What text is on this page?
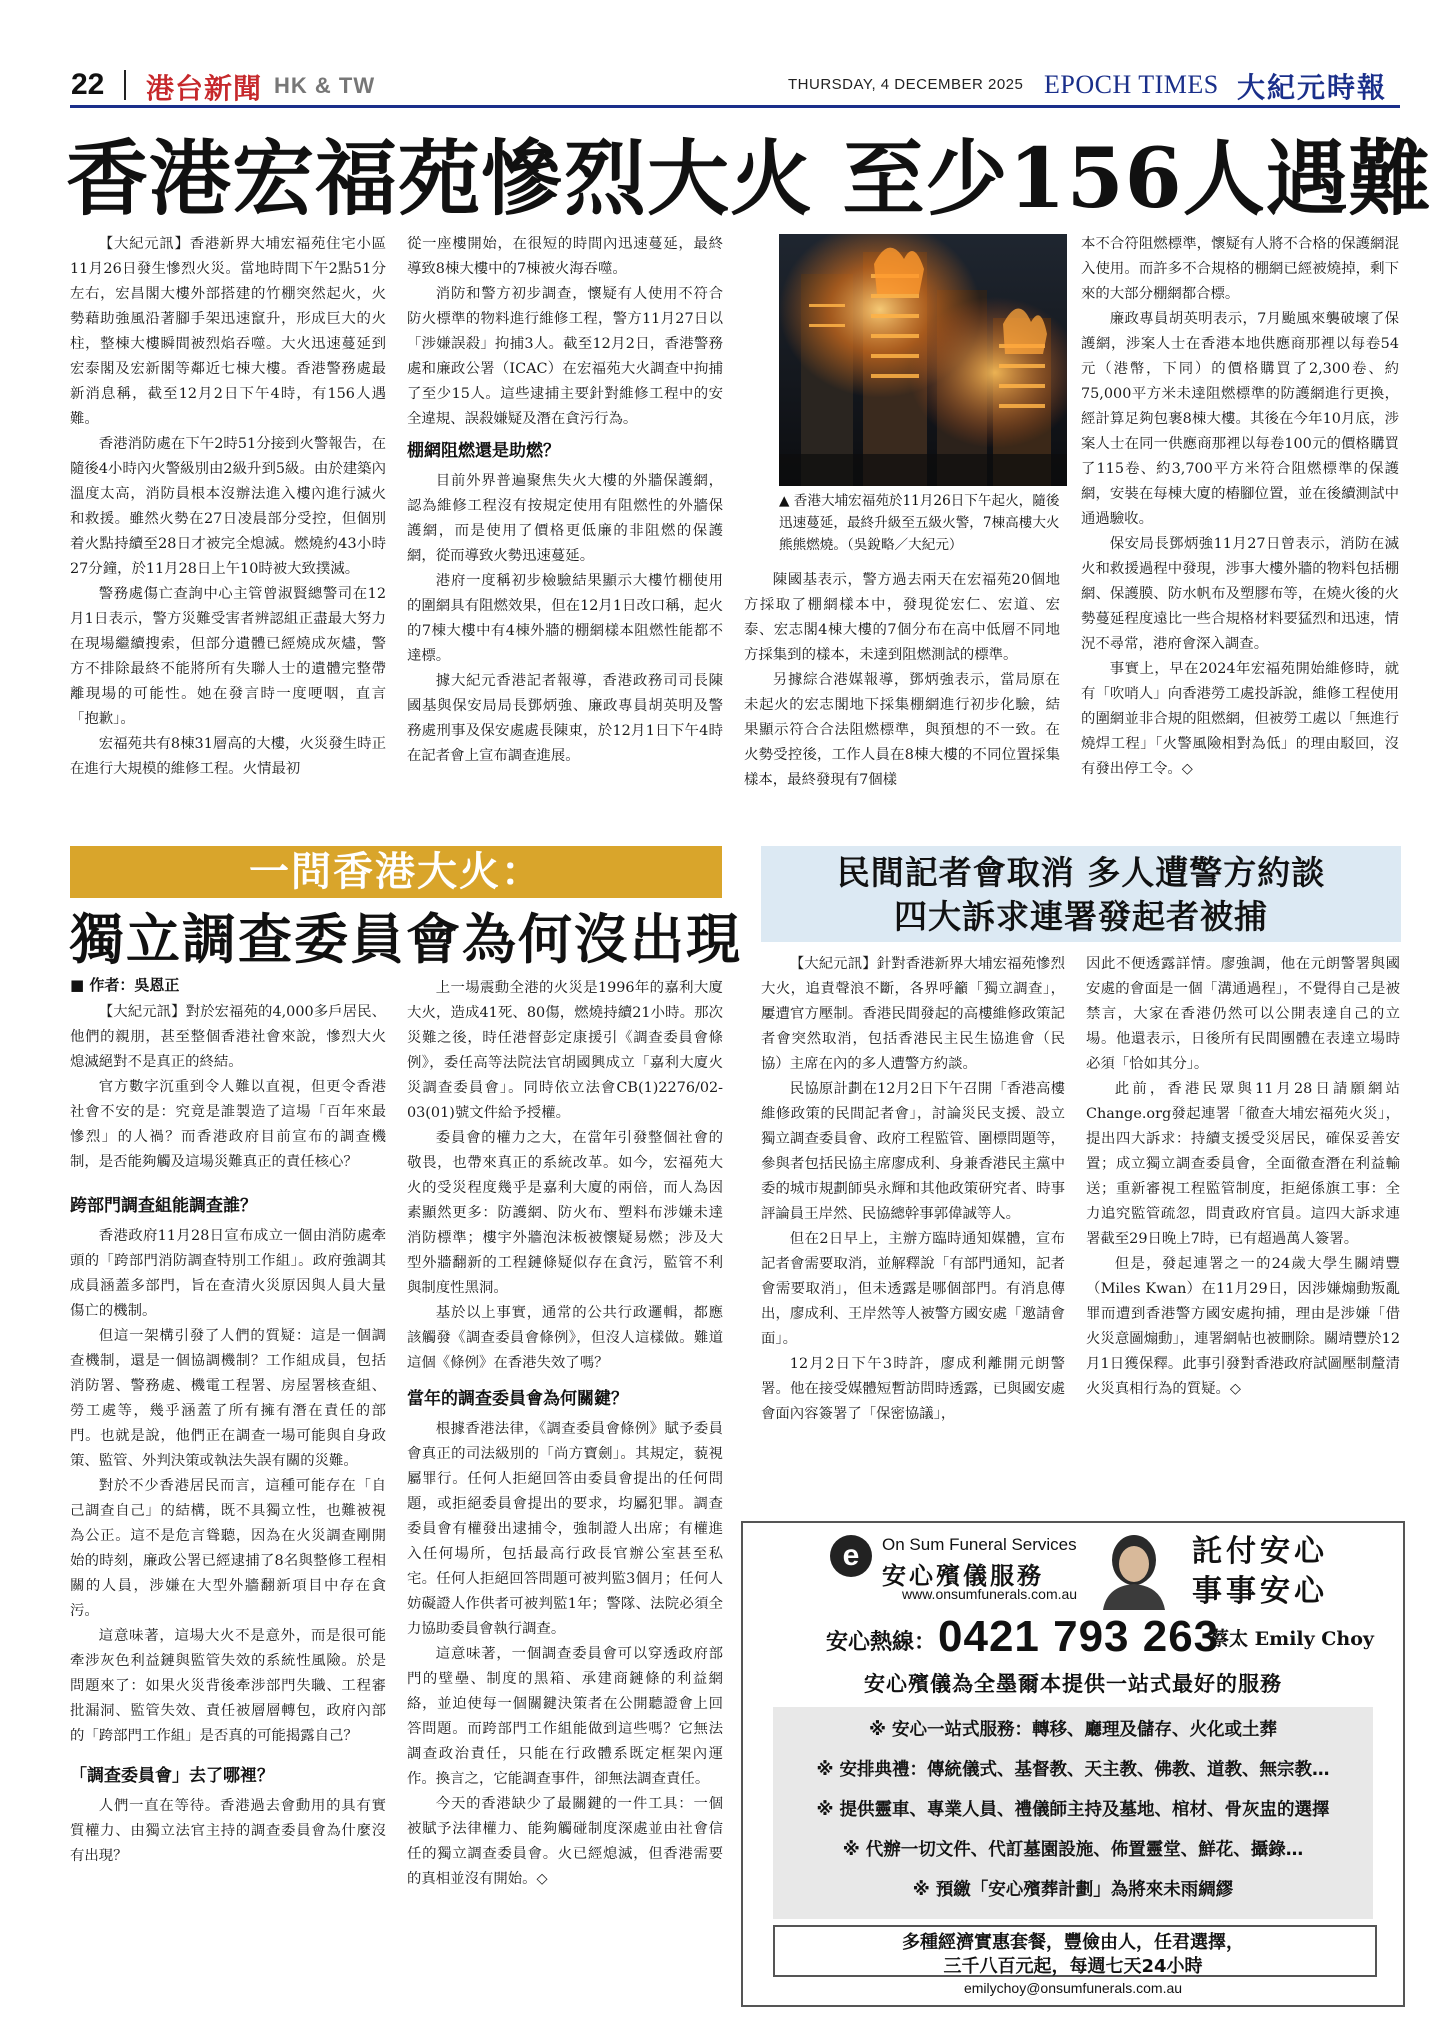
22 港台新聞 HK & TW	THURSDAY, 4 DECEMBER 2025 EPOCH TIMES 大紀元時報
香港宏福苑慘烈大火 至少156人遇難

【大紀元訊】香港新界大埔宏福苑住宅小區11月26日發生慘烈火災。當地時間下午2點51分左右，宏昌閣大樓外部搭建的竹棚突然起火，火勢藉助強風沿著腳手架迅速竄升，形成巨大的火柱，整棟大樓瞬間被烈焰吞噬。大火迅速蔓延到宏泰閣及宏新閣等鄰近七棟大樓。香港警務處最新消息稱，截至12月2日下午4時，有156人遇難。

香港消防處在下午2時51分接到火警報告，在隨後4小時內火警級別由2級升到5級。由於建築內溫度太高，消防員根本沒辦法進入樓內進行滅火和救援。雖然火勢在27日凌晨部分受控，但個別着火點持續至28日才被完全熄滅。燃燒約43小時27分鐘，於11月28日上午10時被大致撲滅。

警務處傷亡查詢中心主管曾淑賢總警司在12月1日表示，警方災難受害者辨認組正盡最大努力在現場繼續搜索，但部分遺體已經燒成灰燼，警方不排除最終不能將所有失聯人士的遺體完整帶離現場的可能性。她在發言時一度哽咽，直言「抱歉」。

宏福苑共有8棟31層高的大樓，火災發生時正在進行大規模的維修工程。火情最初

從一座樓開始，在很短的時間內迅速蔓延，最終導致8棟大樓中的7棟被火海吞噬。

消防和警方初步調查，懷疑有人使用不符合防火標準的物料進行維修工程，警方11月27日以「涉嫌誤殺」拘捕3人。截至12月2日，香港警務處和廉政公署（ICAC）在宏福苑大火調查中拘捕了至少15人。這些逮捕主要針對維修工程中的安全違規、誤殺嫌疑及潛在貪污行為。

棚網阻燃還是助燃？

目前外界普遍聚焦失火大樓的外牆保護網，認為維修工程沒有按規定使用有阻燃性的外牆保護網，而是使用了價格更低廉的非阻燃的保護網，從而導致火勢迅速蔓延。

港府一度稱初步檢驗結果顯示大樓竹棚使用的圍網具有阻燃效果，但在12月1日改口稱，起火的7棟大樓中有4棟外牆的棚網樣本阻燃性能都不達標。

據大紀元香港記者報導，香港政務司司長陳國基與保安局局長鄧炳強、廉政專員胡英明及警務處刑事及保安處處長陳東，於12月1日下午4時在記者會上宣布調查進展。

▲ 香港大埔宏福苑於11月26日下午起火，隨後迅速蔓延，最終升級至五級火警，7棟高樓大火熊熊燃燒。（吳銳略／大紀元）

陳國基表示，警方過去兩天在宏福苑20個地方採取了棚網樣本中，發現從宏仁、宏道、宏泰、宏志閣4棟大樓的7個分布在高中低層不同地方採集到的樣本，未達到阻燃測試的標準。

另據綜合港媒報導，鄧炳強表示，當局原在未起火的宏志閣地下採集棚網進行初步化驗，結果顯示符合合法阻燃標準，與預想的不一致。在火勢受控後，工作人員在8棟大樓的不同位置採集樣本，最終發現有7個樣

本不合符阻燃標準，懷疑有人將不合格的保護網混入使用。而許多不合規格的棚網已經被燒掉，剩下來的大部分棚網都合標。

廉政專員胡英明表示，7月颱風來襲破壞了保護網，涉案人士在香港本地供應商那裡以每卷54元（港幣，下同）的價格購買了2,300卷、約75,000平方米未達阻燃標準的防護網進行更換，經計算足夠包裹8棟大樓。其後在今年10月底，涉案人士在同一供應商那裡以每卷100元的價格購買了115卷、約3,700平方米符合阻燃標準的保護網，安裝在每棟大廈的樁腳位置，並在後續測試中通過驗收。

保安局長鄧炳強11月27日曾表示，消防在滅火和救援過程中發現，涉事大樓外牆的物料包括棚網、保護膜、防水帆布及塑膠布等，在燒火後的火勢蔓延程度遠比一些合規格材料要猛烈和迅速，情況不尋常，港府會深入調查。

事實上，早在2024年宏福苑開始維修時，就有「吹哨人」向香港勞工處投訴說，維修工程使用的圍網並非合規的阻燃網，但被勞工處以「無進行燒焊工程」「火警風險相對為低」的理由駁回，沒有發出停工令。◇

一問香港大火：
獨立調查委員會為何沒出現
■ 作者：吳恩正

【大紀元訊】對於宏福苑的4,000多戶居民、他們的親朋，甚至整個香港社會來說，慘烈大火熄滅絕對不是真正的終結。

官方數字沉重到令人難以直視，但更令香港社會不安的是：究竟是誰製造了這場「百年來最慘烈」的人禍？而香港政府目前宣布的調查機制，是否能夠觸及這場災難真正的責任核心？

跨部門調查組能調查誰？

香港政府11月28日宣布成立一個由消防處牽頭的「跨部門消防調查特別工作組」。政府強調其成員涵蓋多部門，旨在查清火災原因與人員大量傷亡的機制。

但這一架構引發了人們的質疑：這是一個調查機制，還是一個協調機制？工作組成員，包括消防署、警務處、機電工程署、房屋署核查組、勞工處等，幾乎涵蓋了所有擁有潛在責任的部門。也就是說，他們正在調查一場可能與自身政策、監管、外判決策或執法失誤有關的災難。

對於不少香港居民而言，這種可能存在「自己調查自己」的結構，既不具獨立性，也難被視為公正。這不是危言聳聽，因為在火災調查剛開始的時刻，廉政公署已經逮捕了8名與整修工程相關的人員，涉嫌在大型外牆翻新項目中存在貪污。

這意味著，這場大火不是意外，而是很可能牽涉灰色利益鏈與監管失效的系統性風險。於是問題來了：如果火災背後牽涉部門失職、工程審批漏洞、監管失效、責任被層層轉包，政府內部的「跨部門工作組」是否真的可能揭露自己？

「調查委員會」去了哪裡？

人們一直在等待。香港過去會動用的具有實質權力、由獨立法官主持的調查委員會為什麼沒有出現？

上一場震動全港的火災是1996年的嘉利大廈大火，造成41死、80傷，燃燒持續21小時。那次災難之後，時任港督彭定康援引《調查委員會條例》，委任高等法院法官胡國興成立「嘉利大廈火災調查委員會」。同時依立法會CB(1)2276/02-03(01)號文件給予授權。

委員會的權力之大，在當年引發整個社會的敬畏，也帶來真正的系統改革。如今，宏福苑大火的受災程度幾乎是嘉利大廈的兩倍，而人為因素顯然更多：防護網、防火布、塑料布涉嫌未達消防標準；樓宇外牆泡沫板被懷疑易燃；涉及大型外牆翻新的工程鏈條疑似存在貪污，監管不利與制度性黑洞。

基於以上事實，通常的公共行政邏輯，都應該觸發《調查委員會條例》，但沒人這樣做。難道這個《條例》在香港失效了嗎？

當年的調查委員會為何關鍵？

根據香港法律，《調查委員會條例》賦予委員會真正的司法級別的「尚方寶劍」。其規定，藐視屬罪行。任何人拒絕回答由委員會提出的任何問題，或拒絕委員會提出的要求，均屬犯罪。調查委員會有權發出逮捕令，強制證人出席；有權進入任何場所，包括最高行政長官辦公室甚至私宅。任何人拒絕回答問題可被判監3個月；任何人妨礙證人作供者可被判監1年；警隊、法院必須全力協助委員會執行調查。

這意味著，一個調查委員會可以穿透政府部門的壁壘、制度的黑箱、承建商鏈條的利益網絡，並迫使每一個關鍵決策者在公開聽證會上回答問題。而跨部門工作組能做到這些嗎？它無法調查政治責任，只能在行政體系既定框架內運作。換言之，它能調查事件，卻無法調查責任。

今天的香港缺少了最關鍵的一件工具：一個被賦予法律權力、能夠觸碰制度深處並由社會信任的獨立調查委員會。火已經熄滅，但香港需要的真相並沒有開始。◇

民間記者會取消 多人遭警方約談
四大訴求連署發起者被捕

【大紀元訊】針對香港新界大埔宏福苑慘烈大火，追責聲浪不斷，各界呼籲「獨立調查」，屢遭官方壓制。香港民間發起的高樓維修政策記者會突然取消，包括香港民主民生協進會（民協）主席在內的多人遭警方約談。

民協原計劃在12月2日下午召開「香港高樓維修政策的民間記者會」，討論災民支援、設立獨立調查委員會、政府工程監管、圍標問題等，參與者包括民協主席廖成利、身兼香港民主黨中委的城市規劃師吳永輝和其他政策研究者、時事評論員王岸然、民協總幹事郭偉誠等人。

但在2日早上，主辦方臨時通知媒體，宣布記者會需要取消，並解釋說「有部門通知，記者會需要取消」，但未透露是哪個部門。有消息傳出，廖成利、王岸然等人被警方國安處「邀請會面」。

12月2日下午3時許，廖成利離開元朗警署。他在接受媒體短暫訪問時透露，已與國安處會面內容簽署了「保密協議」，

因此不便透露詳情。廖強調，他在元朗警署與國安處的會面是一個「溝通過程」，不覺得自己是被禁言，大家在香港仍然可以公開表達自己的立場。他還表示，日後所有民間團體在表達立場時必須「恰如其分」。

此前，香港民眾與11月28日請願網站Change.org發起連署「徹查大埔宏福苑火災」，提出四大訴求：持續支援受災居民，確保妥善安置；成立獨立調查委員會，全面徹查潛在利益輸送；重新審視工程監管制度，拒絕係旗工事：全力追究監管疏忽，問責政府官員。這四大訴求連署截至29日晚上7時，已有超過萬人簽署。

但是，發起連署之一的24歲大學生關靖豐（Miles Kwan）在11月29日，因涉嫌煽動叛亂罪而遭到香港警方國安處拘捕，理由是涉嫌「借火災意圖煽動」，連署網帖也被刪除。關靖豐於12月1日獲保釋。此事引發對香港政府試圖壓制釐清火災真相行為的質疑。◇

e	On Sum Funeral Services
安心殯儀服務
www.onsumfunerals.com.au
託付安心
事事安心
安心熱線： 0421 793 263
蔡太 Emily Choy
安心殯儀為全墨爾本提供一站式最好的服務
※ 安心一站式服務：轉移、廳理及儲存、火化或土葬
※ 安排典禮：傳統儀式、基督教、天主教、佛教、道教、無宗教…
※ 提供靈車、專業人員、禮儀師主持及墓地、棺材、骨灰盅的選擇
※ 代辦一切文件、代訂墓園設施、佈置靈堂、鮮花、攝錄…
※ 預繳「安心殯葬計劃」為將來未雨綢繆
多種經濟實惠套餐，豐儉由人，任君選擇，
三千八百元起，每週七天24小時
emilychoy@onsumfunerals.com.au
